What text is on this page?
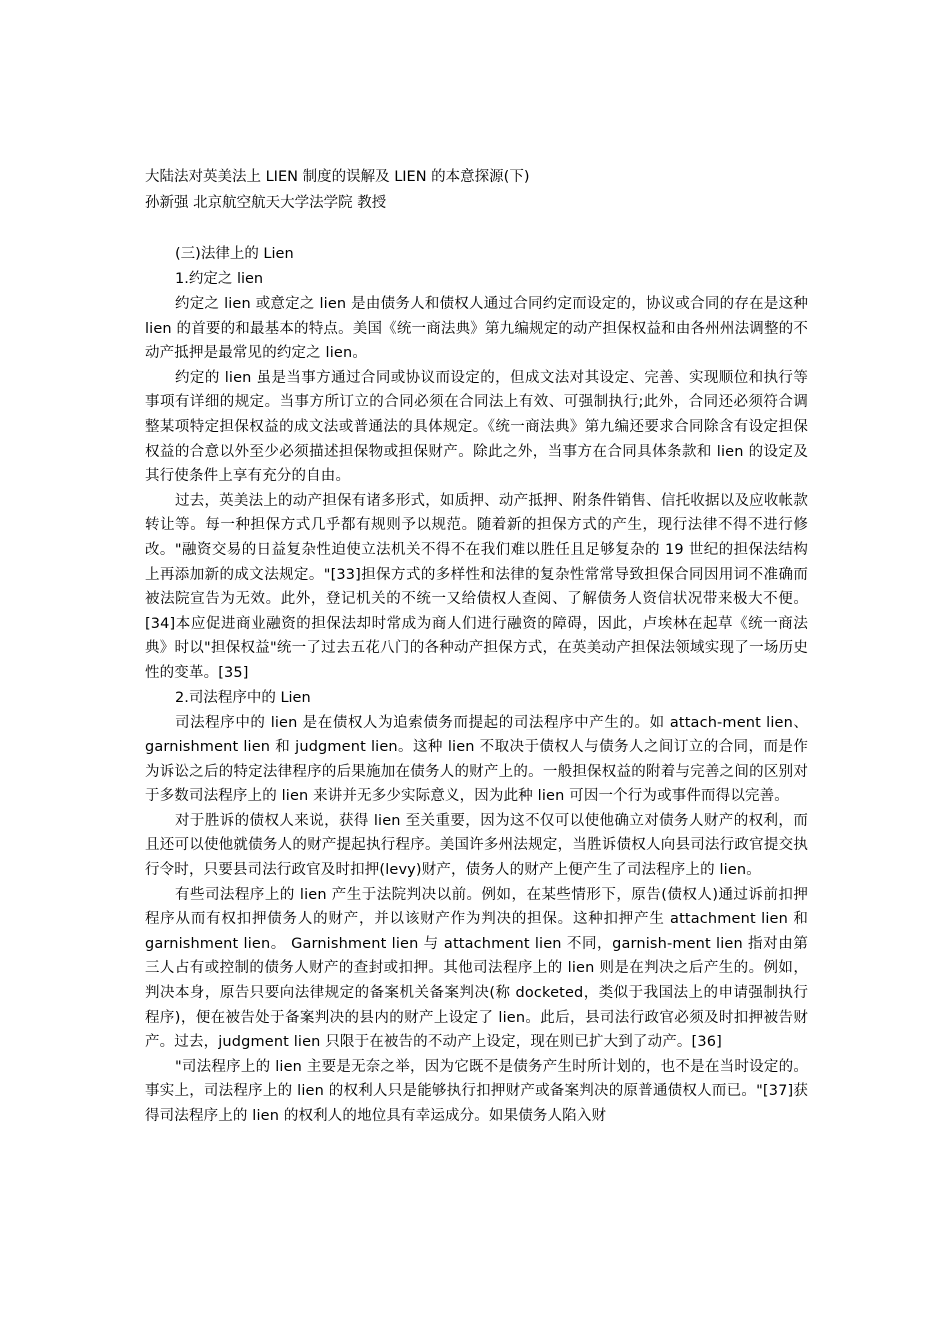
大陆法对英美法上 LIEN 制度的误解及 LIEN 的本意探源(下)

孙新强 北京航空航天大学法学院 教授

(三)法律上的 Lien

1.约定之 lien

约定之 lien 或意定之 lien 是由债务人和债权人通过合同约定而设定的，协议或合同的存在是这种 lien 的首要的和最基本的特点。美国《统一商法典》第九编规定的动产担保权益和由各州州法调整的不动产抵押是最常见的约定之 lien。

约定的 lien 虽是当事方通过合同或协议而设定的，但成文法对其设定、完善、实现顺位和执行等事项有详细的规定。当事方所订立的合同必须在合同法上有效、可强制执行;此外，合同还必须符合调整某项特定担保权益的成文法或普通法的具体规定。《统一商法典》第九编还要求合同除含有设定担保权益的合意以外至少必须描述担保物或担保财产。除此之外，当事方在合同具体条款和 lien 的设定及其行使条件上享有充分的自由。

过去，英美法上的动产担保有诸多形式，如质押、动产抵押、附条件销售、信托收据以及应收帐款转让等。每一种担保方式几乎都有规则予以规范。随着新的担保方式的产生，现行法律不得不进行修改。"融资交易的日益复杂性迫使立法机关不得不在我们难以胜任且足够复杂的 19 世纪的担保法结构上再添加新的成文法规定。"[33]担保方式的多样性和法律的复杂性常常导致担保合同因用词不准确而被法院宣告为无效。此外，登记机关的不统一又给债权人查阅、了解债务人资信状况带来极大不便。[34]本应促进商业融资的担保法却时常成为商人们进行融资的障碍，因此，卢埃林在起草《统一商法典》时以"担保权益"统一了过去五花八门的各种动产担保方式，在英美动产担保法领域实现了一场历史性的变革。[35]

2.司法程序中的 Lien

司法程序中的 lien 是在债权人为追索债务而提起的司法程序中产生的。如 attach-ment lien、garnishment lien 和 judgment lien。这种 lien 不取决于债权人与债务人之间订立的合同，而是作为诉讼之后的特定法律程序的后果施加在债务人的财产上的。一般担保权益的附着与完善之间的区别对于多数司法程序上的 lien 来讲并无多少实际意义，因为此种 lien 可因一个行为或事件而得以完善。

对于胜诉的债权人来说，获得 lien 至关重要，因为这不仅可以使他确立对债务人财产的权利，而且还可以使他就债务人的财产提起执行程序。美国许多州法规定，当胜诉债权人向县司法行政官提交执行令时，只要县司法行政官及时扣押(levy)财产，债务人的财产上便产生了司法程序上的 lien。

有些司法程序上的 lien 产生于法院判决以前。例如，在某些情形下，原告(债权人)通过诉前扣押程序从而有权扣押债务人的财产，并以该财产作为判决的担保。这种扣押产生 attachment lien 和 garnishment lien。 Garnishment lien 与 attachment lien 不同，garnish-ment lien 指对由第三人占有或控制的债务人财产的查封或扣押。其他司法程序上的 lien 则是在判决之后产生的。例如，判决本身，原告只要向法律规定的备案机关备案判决(称 docketed，类似于我国法上的申请强制执行程序)，便在被告处于备案判决的县内的财产上设定了 lien。此后，县司法行政官必须及时扣押被告财产。过去，judgment lien 只限于在被告的不动产上设定，现在则已扩大到了动产。[36]

"司法程序上的 lien 主要是无奈之举，因为它既不是债务产生时所计划的，也不是在当时设定的。事实上，司法程序上的 lien 的权利人只是能够执行扣押财产或备案判决的原普通债权人而已。"[37]获得司法程序上的 lien 的权利人的地位具有幸运成分。如果债务人陷入财
